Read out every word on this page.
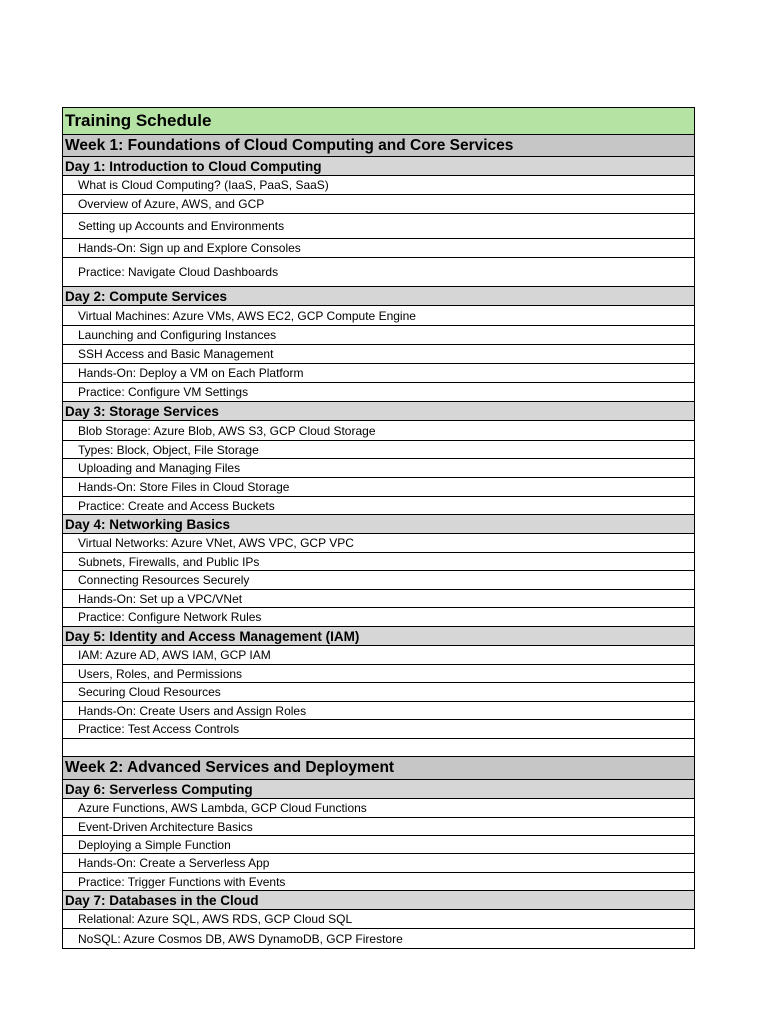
Training Schedule
Week 1: Foundations of Cloud Computing and Core Services
Day 1: Introduction to Cloud Computing
What is Cloud Computing? (IaaS, PaaS, SaaS)
Overview of Azure, AWS, and GCP
Setting up Accounts and Environments
Hands-On: Sign up and Explore Consoles
Practice: Navigate Cloud Dashboards
Day 2: Compute Services
Virtual Machines: Azure VMs, AWS EC2, GCP Compute Engine
Launching and Configuring Instances
SSH Access and Basic Management
Hands-On: Deploy a VM on Each Platform
Practice: Configure VM Settings
Day 3: Storage Services
Blob Storage: Azure Blob, AWS S3, GCP Cloud Storage
Types: Block, Object, File Storage
Uploading and Managing Files
Hands-On: Store Files in Cloud Storage
Practice: Create and Access Buckets
Day 4: Networking Basics
Virtual Networks: Azure VNet, AWS VPC, GCP VPC
Subnets, Firewalls, and Public IPs
Connecting Resources Securely
Hands-On: Set up a VPC/VNet
Practice: Configure Network Rules
Day 5: Identity and Access Management (IAM)
IAM: Azure AD, AWS IAM, GCP IAM
Users, Roles, and Permissions
Securing Cloud Resources
Hands-On: Create Users and Assign Roles
Practice: Test Access Controls
Week 2: Advanced Services and Deployment
Day 6: Serverless Computing
Azure Functions, AWS Lambda, GCP Cloud Functions
Event-Driven Architecture Basics
Deploying a Simple Function
Hands-On: Create a Serverless App
Practice: Trigger Functions with Events
Day 7: Databases in the Cloud
Relational: Azure SQL, AWS RDS, GCP Cloud SQL
NoSQL: Azure Cosmos DB, AWS DynamoDB, GCP Firestore
